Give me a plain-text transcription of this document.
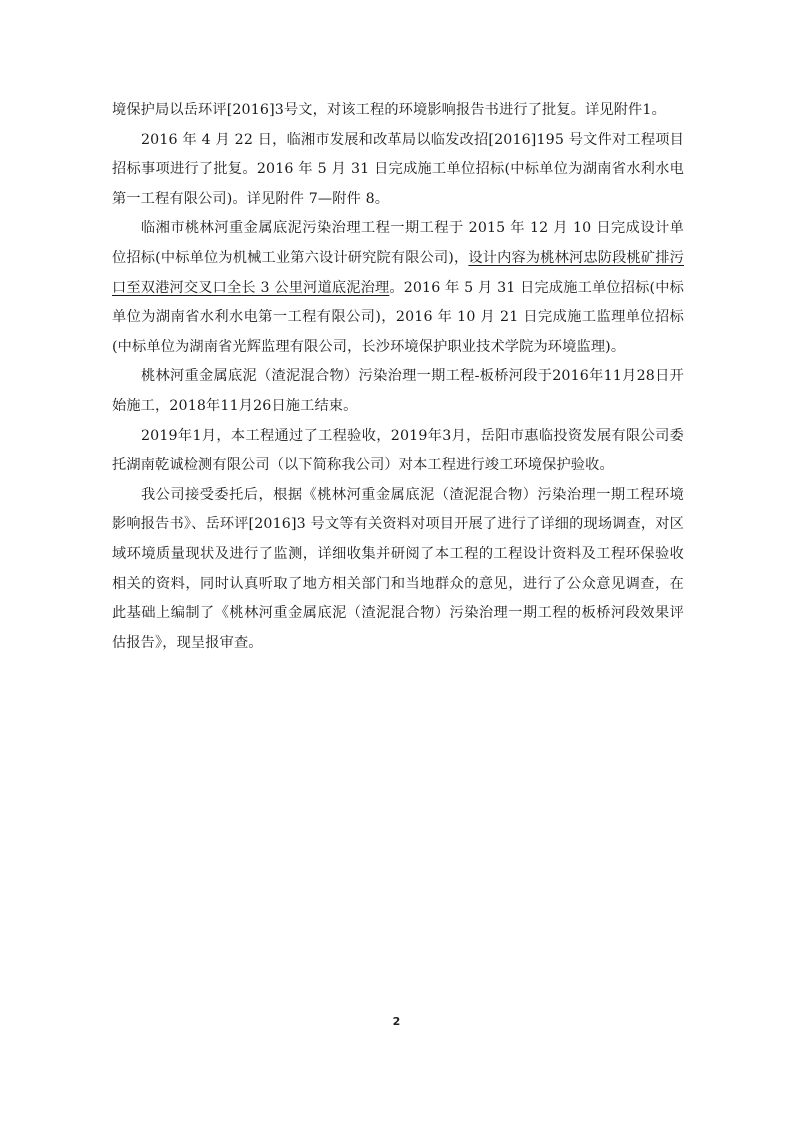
境保护局以岳环评[2016]3号文，对该工程的环境影响报告书进行了批复。详见附件1。

2016 年 4 月 22 日，临湘市发展和改革局以临发改招[2016]195 号文件对工程项目招标事项进行了批复。2016 年 5 月 31 日完成施工单位招标(中标单位为湖南省水利水电第一工程有限公司)。详见附件 7—附件 8。

临湘市桃林河重金属底泥污染治理工程一期工程于 2015 年 12 月 10 日完成设计单位招标(中标单位为机械工业第六设计研究院有限公司)，设计内容为桃林河忠防段桃矿排污口至双港河交叉口全长 3 公里河道底泥治理。2016 年 5 月 31 日完成施工单位招标(中标单位为湖南省水利水电第一工程有限公司)，2016 年 10 月 21 日完成施工监理单位招标(中标单位为湖南省光辉监理有限公司，长沙环境保护职业技术学院为环境监理)。

桃林河重金属底泥（渣泥混合物）污染治理一期工程-板桥河段于2016年11月28日开始施工，2018年11月26日施工结束。

2019年1月，本工程通过了工程验收，2019年3月，岳阳市惠临投资发展有限公司委托湖南乾诚检测有限公司（以下简称我公司）对本工程进行竣工环境保护验收。

我公司接受委托后，根据《桃林河重金属底泥（渣泥混合物）污染治理一期工程环境影响报告书》、岳环评[2016]3 号文等有关资料对项目开展了进行了详细的现场调查，对区域环境质量现状及进行了监测，详细收集并研阅了本工程的工程设计资料及工程环保验收相关的资料，同时认真听取了地方相关部门和当地群众的意见，进行了公众意见调查，在此基础上编制了《桃林河重金属底泥（渣泥混合物）污染治理一期工程的板桥河段效果评估报告》，现呈报审查。

2
